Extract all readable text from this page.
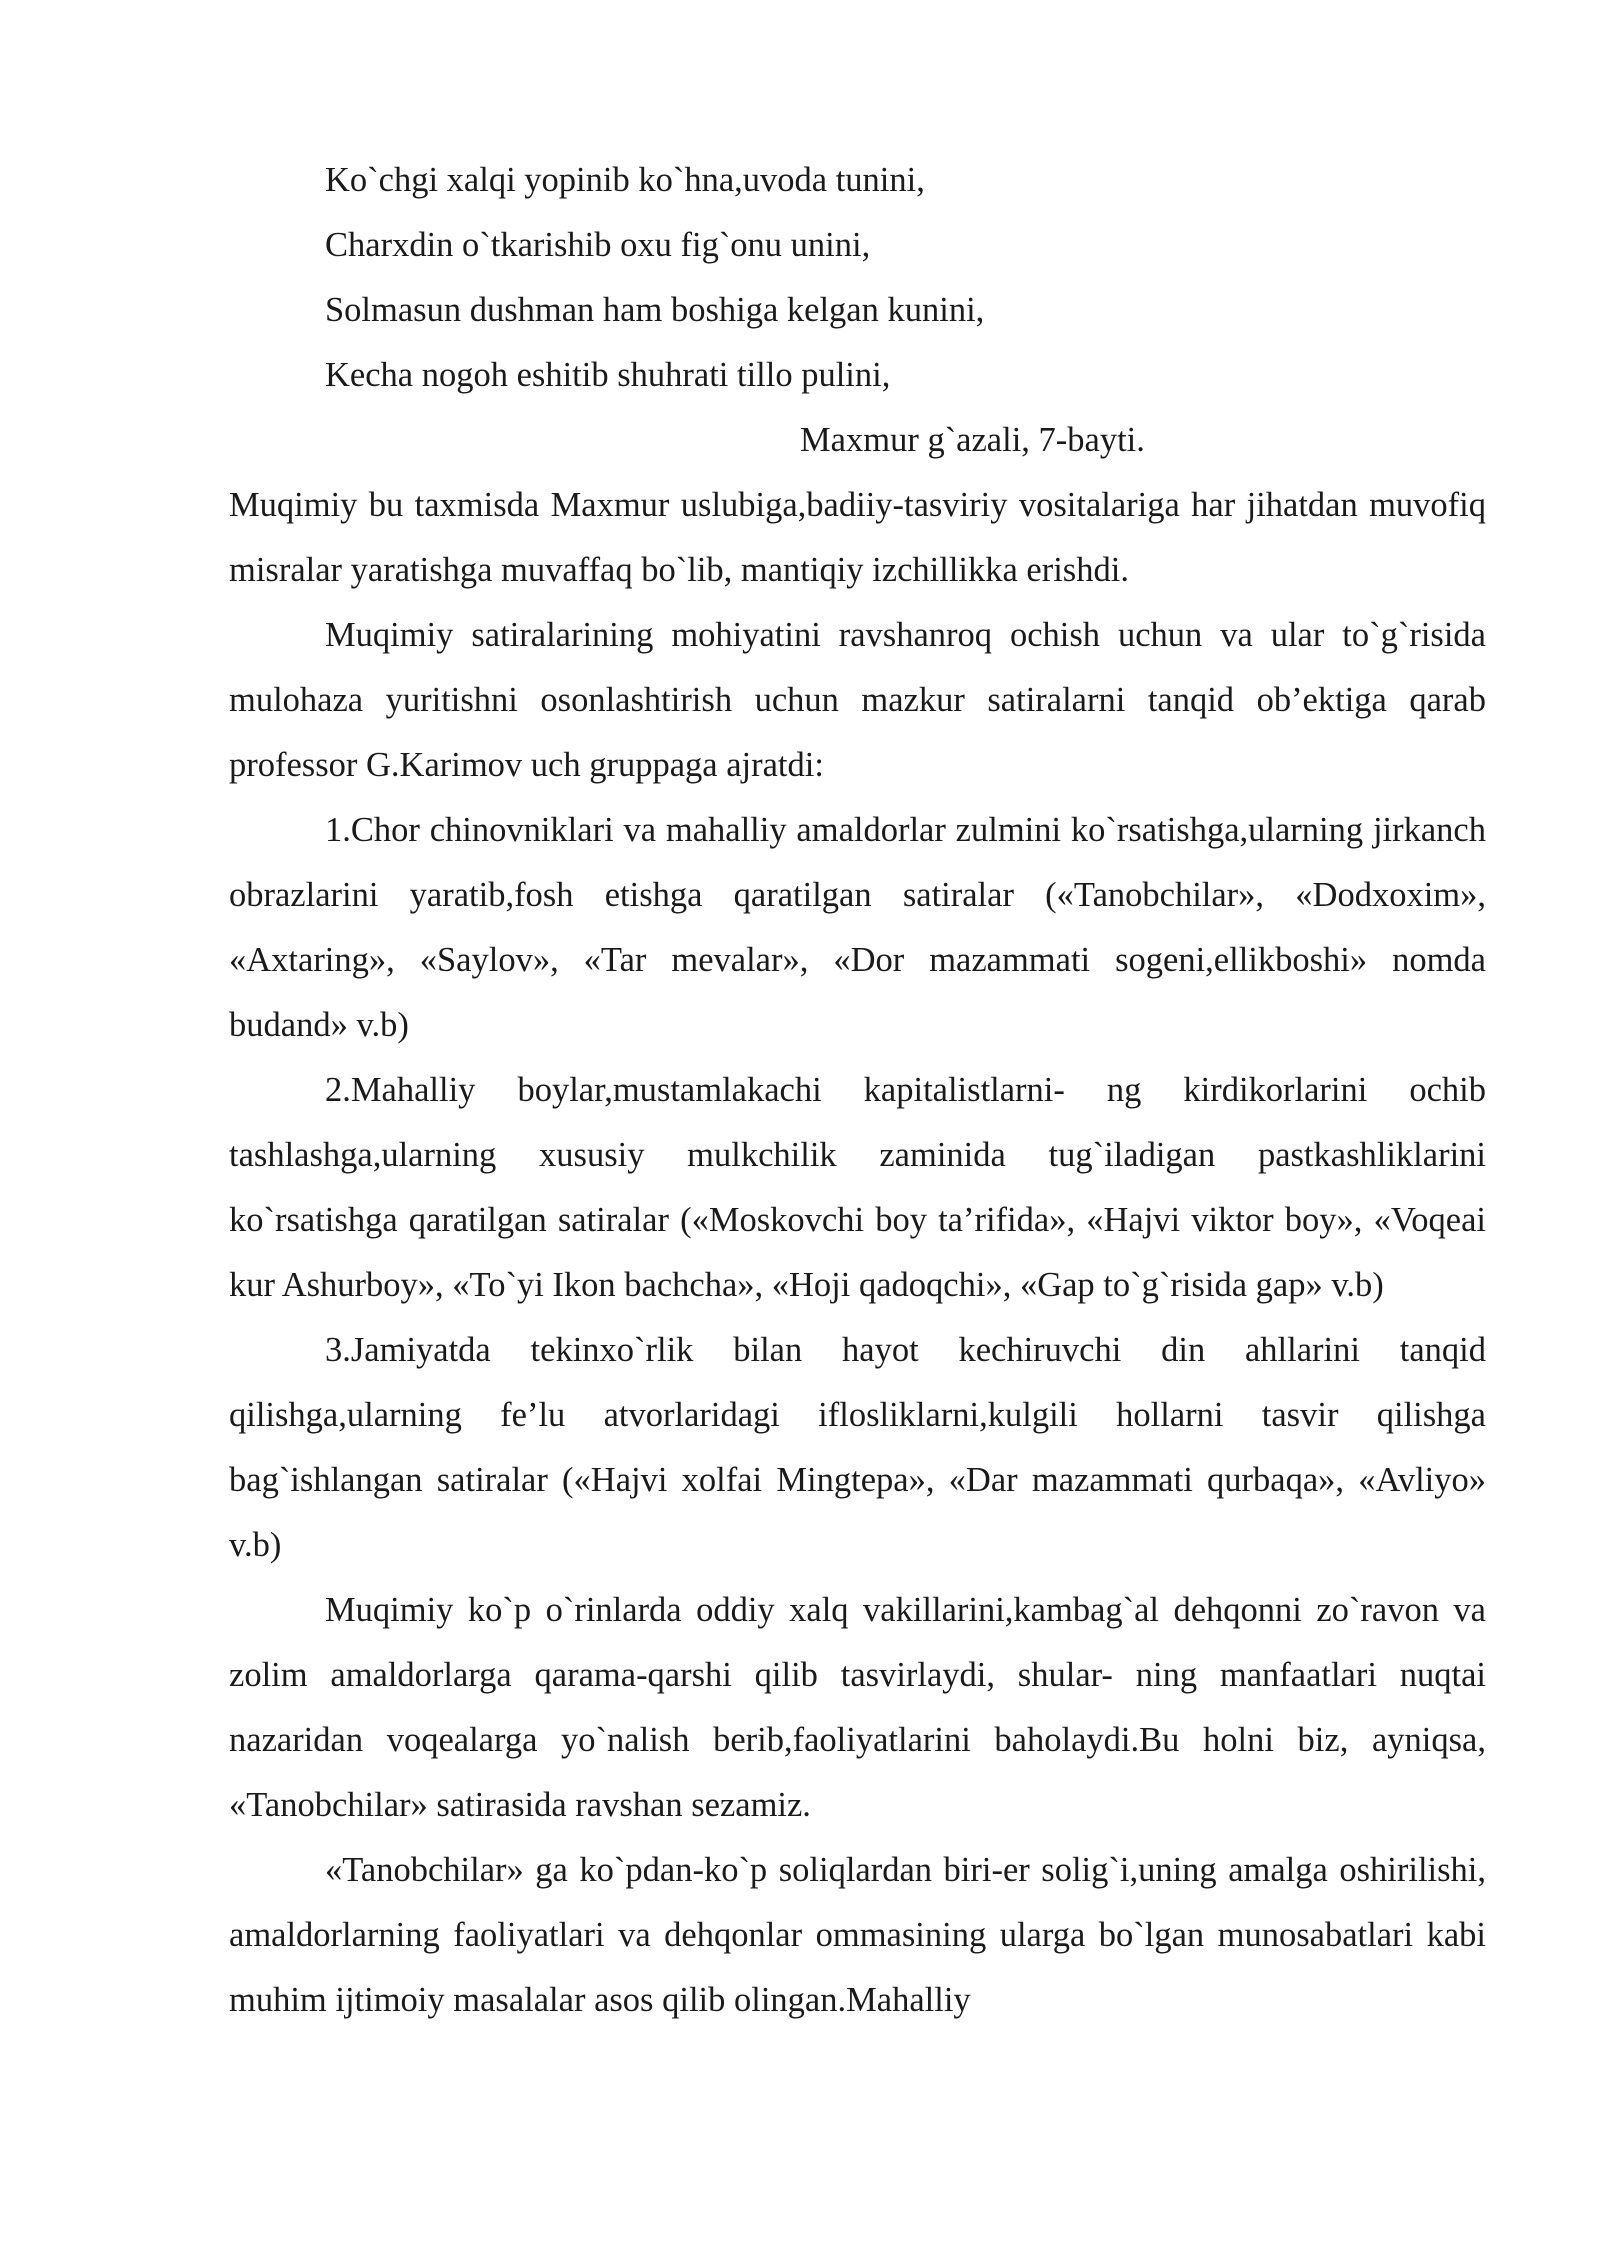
Ko`chgi xalqi yopinib ko`hna,uvoda tunini,
Charxdin o`tkarishib oxu fig`onu unini,
Solmasun dushman ham boshiga kelgan kunini,
Kecha nogoh eshitib shuhrati tillo pulini,
Maxmur g`azali, 7-bayti.

Muqimiy bu taxmisda Maxmur uslubiga,badiiy-tasviriy vositalariga har jihatdan muvofiq misralar yaratishga muvaffaq bo`lib, mantiqiy izchillikka erishdi.

Muqimiy satiralarining mohiyatini ravshanroq ochish uchun va ular to`g`risida mulohaza yuritishni osonlashtirish uchun mazkur satiralarni tanqid ob’ektiga qarab professor G.Karimov uch gruppaga ajratdi:

1.Chor chinovniklari va mahalliy amaldorlar zulmini ko`rsatishga,ularning jirkanch obrazlarini yaratib,fosh etishga qaratilgan satiralar («Tanobchilar», «Dodxoxim», «Axtaring», «Saylov», «Tar mevalar», «Dor mazammati sogeni,ellikboshi» nomda budand» v.b)

2.Mahalliy boylar,mustamlakachi kapitalistlarni- ng kirdikorlarini ochib tashlashga,ularning xususiy mulkchilik zaminida tug`iladigan pastkashliklarini ko`rsatishga qaratilgan satiralar («Moskovchi boy ta’rifida», «Hajvi viktor boy», «Voqeai kur Ashurboy», «To`yi Ikon bachcha», «Hoji qadoqchi», «Gap to`g`risida gap» v.b)

3.Jamiyatda tekinxo`rlik bilan hayot kechiruvchi din ahllarini tanqid qilishga,ularning fe’lu atvorlaridagi iflosliklarni,kulgili hollarni tasvir qilishga bag`ishlangan satiralar («Hajvi xolfai Mingtepa», «Dar mazammati qurbaqa», «Avliyo» v.b)

Muqimiy ko`p o`rinlarda oddiy xalq vakillarini,kambag`al dehqonni zo`ravon va zolim amaldorlarga qarama-qarshi qilib tasvirlaydi, shular- ning manfaatlari nuqtai nazaridan voqealarga yo`nalish berib,faoliyatlarini baholaydi.Bu holni biz, ayniqsa, «Tanobchilar» satirasida ravshan sezamiz.

«Tanobchilar» ga ko`pdan-ko`p soliqlardan biri-er solig`i,uning amalga oshirilishi, amaldorlarning faoliyatlari va dehqonlar ommasining ularga bo`lgan munosabatlari kabi muhim ijtimoiy masalalar asos qilib olingan.Mahalliy
